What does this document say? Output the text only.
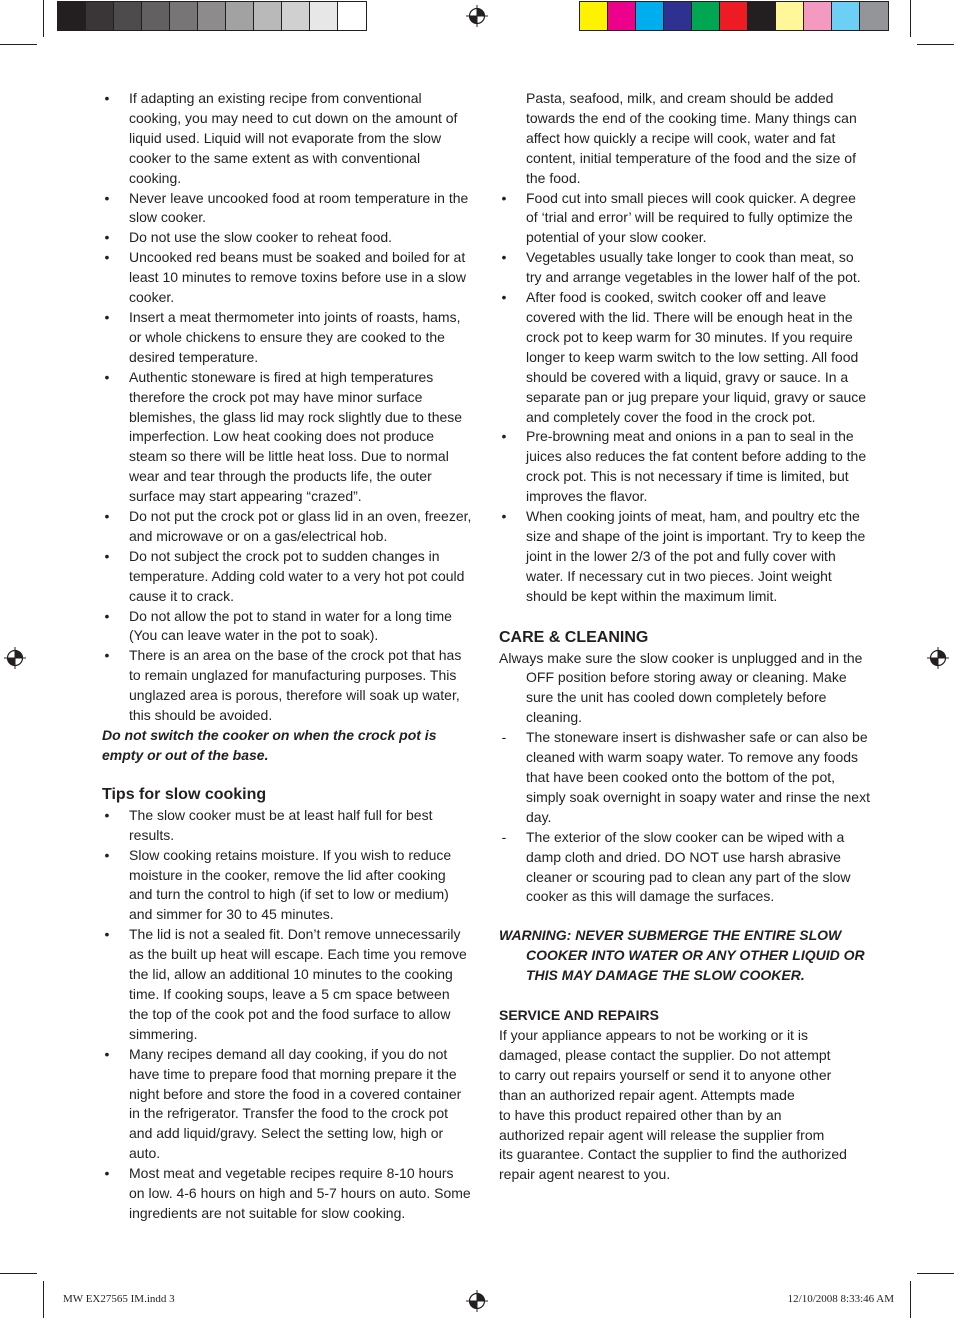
• If adapting an existing recipe from conventional cooking, you may need to cut down on the amount of liquid used. Liquid will not evaporate from the slow cooker to the same extent as with conventional cooking.
• Never leave uncooked food at room temperature in the slow cooker.
• Do not use the slow cooker to reheat food.
• Uncooked red beans must be soaked and boiled for at least 10 minutes to remove toxins before use in a slow cooker.
• Insert a meat thermometer into joints of roasts, hams, or whole chickens to ensure they are cooked to the desired temperature.
• Authentic stoneware is fired at high temperatures therefore the crock pot may have minor surface blemishes, the glass lid may rock slightly due to these imperfection. Low heat cooking does not produce steam so there will be little heat loss. Due to normal wear and tear through the products life, the outer surface may start appearing “crazed”.
• Do not put the crock pot or glass lid in an oven, freezer, and microwave or on a gas/electrical hob.
• Do not subject the crock pot to sudden changes in temperature. Adding cold water to a very hot pot could cause it to crack.
• Do not allow the pot to stand in water for a long time (You can leave water in the pot to soak).
• There is an area on the base of the crock pot that has to remain unglazed for manufacturing purposes. This unglazed area is porous, therefore will soak up water, this should be avoided.
Do not switch the cooker on when the crock pot is empty or out of the base.
Tips for slow cooking
• The slow cooker must be at least half full for best results.
• Slow cooking retains moisture. If you wish to reduce moisture in the cooker, remove the lid after cooking and turn the control to high (if set to low or medium) and simmer for 30 to 45 minutes.
• The lid is not a sealed fit. Don’t remove unnecessarily as the built up heat will escape. Each time you remove the lid, allow an additional 10 minutes to the cooking time. If cooking soups, leave a 5 cm space between the top of the cook pot and the food surface to allow simmering.
• Many recipes demand all day cooking, if you do not have time to prepare food that morning prepare it the night before and store the food in a covered container in the refrigerator. Transfer the food to the crock pot and add liquid/gravy. Select the setting low, high or auto.
• Most meat and vegetable recipes require 8-10 hours on low. 4-6 hours on high and 5-7 hours on auto. Some ingredients are not suitable for slow cooking.
Pasta, seafood, milk, and cream should be added towards the end of the cooking time. Many things can affect how quickly a recipe will cook, water and fat content, initial temperature of the food and the size of the food.
• Food cut into small pieces will cook quicker. A degree of ‘trial and error’ will be required to fully optimize the potential of your slow cooker.
• Vegetables usually take longer to cook than meat, so try and arrange vegetables in the lower half of the pot.
• After food is cooked, switch cooker off and leave covered with the lid. There will be enough heat in the crock pot to keep warm for 30 minutes. If you require longer to keep warm switch to the low setting. All food should be covered with a liquid, gravy or sauce. In a separate pan or jug prepare your liquid, gravy or sauce and completely cover the food in the crock pot.
• Pre-browning meat and onions in a pan to seal in the juices also reduces the fat content before adding to the crock pot. This is not necessary if time is limited, but improves the flavor.
• When cooking joints of meat, ham, and poultry etc the size and shape of the joint is important. Try to keep the joint in the lower 2/3 of the pot and fully cover with water. If necessary cut in two pieces. Joint weight should be kept within the maximum limit.
CARE & CLEANING
Always make sure the slow cooker is unplugged and in the OFF position before storing away or cleaning. Make sure the unit has cooled down completely before cleaning.
- The stoneware insert is dishwasher safe or can also be cleaned with warm soapy water. To remove any foods that have been cooked onto the bottom of the pot, simply soak overnight in soapy water and rinse the next day.
- The exterior of the slow cooker can be wiped with a damp cloth and dried. DO NOT use harsh abrasive cleaner or scouring pad to clean any part of the slow cooker as this will damage the surfaces.
WARNING: NEVER SUBMERGE THE ENTIRE SLOW COOKER INTO WATER OR ANY OTHER LIQUID OR THIS MAY DAMAGE THE SLOW COOKER.
SERVICE AND REPAIRS
If your appliance appears to not be working or it is
damaged, please contact the supplier. Do not attempt
to carry out repairs yourself or send it to anyone other
than an authorized repair agent. Attempts made
to have this product repaired other than by an
authorized repair agent will release the supplier from
its guarantee. Contact the supplier to find the authorized
repair agent nearest to you.
MW EX27565 IM.indd 3	12/10/2008 8:33:46 AM
